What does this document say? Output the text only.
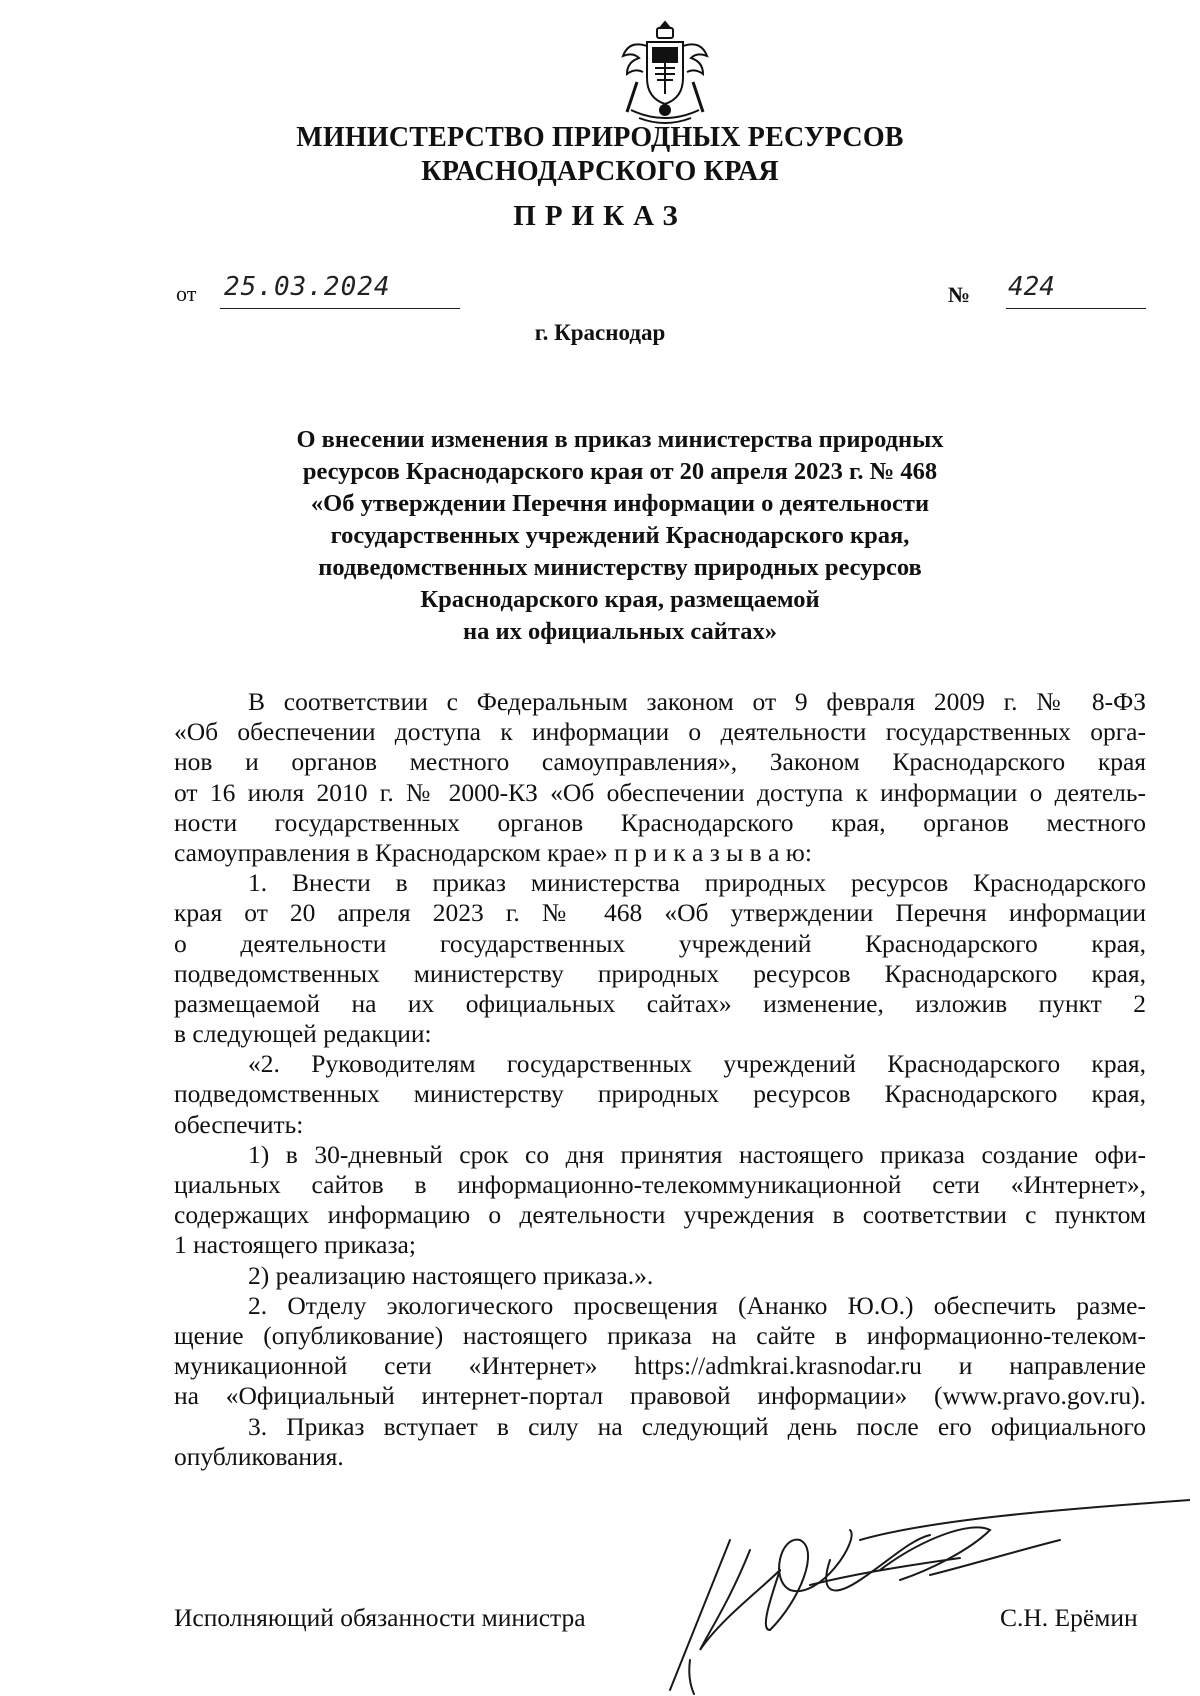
МИНИСТЕРСТВО ПРИРОДНЫХ РЕСУРСОВ
КРАСНОДАРСКОГО КРАЯ
ПРИКАЗ
от 25.03.2024	№ 424
г. Краснодар
О внесении изменения в приказ министерства природных
ресурсов Краснодарского края от 20 апреля 2023 г. № 468
«Об утверждении Перечня информации о деятельности
государственных учреждений Краснодарского края,
подведомственных министерству природных ресурсов
Краснодарского края, размещаемой
на их официальных сайтах»
В соответствии с Федеральным законом от 9 февраля 2009 г. № 8-ФЗ
«Об обеспечении доступа к информации о деятельности государственных орга-
нов и органов местного самоуправления», Законом Краснодарского края
от 16 июля 2010 г. № 2000-КЗ «Об обеспечении доступа к информации о деятель-
ности государственных органов Краснодарского края, органов местного
самоуправления в Краснодарском крае» п р и к а з ы в а ю:
1. Внести в приказ министерства природных ресурсов Краснодарского
края от 20 апреля 2023 г. № 468 «Об утверждении Перечня информации
о деятельности государственных учреждений Краснодарского края,
подведомственных министерству природных ресурсов Краснодарского края,
размещаемой на их официальных сайтах» изменение, изложив пункт 2
в следующей редакции:
«2. Руководителям государственных учреждений Краснодарского края,
подведомственных министерству природных ресурсов Краснодарского края,
обеспечить:
1) в 30-дневный срок со дня принятия настоящего приказа создание офи-
циальных сайтов в информационно-телекоммуникационной сети «Интернет»,
содержащих информацию о деятельности учреждения в соответствии с пунктом
1 настоящего приказа;
2) реализацию настоящего приказа.».
2. Отделу экологического просвещения (Ананко Ю.О.) обеспечить разме-
щение (опубликование) настоящего приказа на сайте в информационно-телеком-
муникационной сети «Интернет» https://admkrai.krasnodar.ru и направление
на «Официальный интернет-портал правовой информации» (www.pravo.gov.ru).
3. Приказ вступает в силу на следующий день после его официального
опубликования.
Исполняющий обязанности министра	С.Н. Ерёмин
